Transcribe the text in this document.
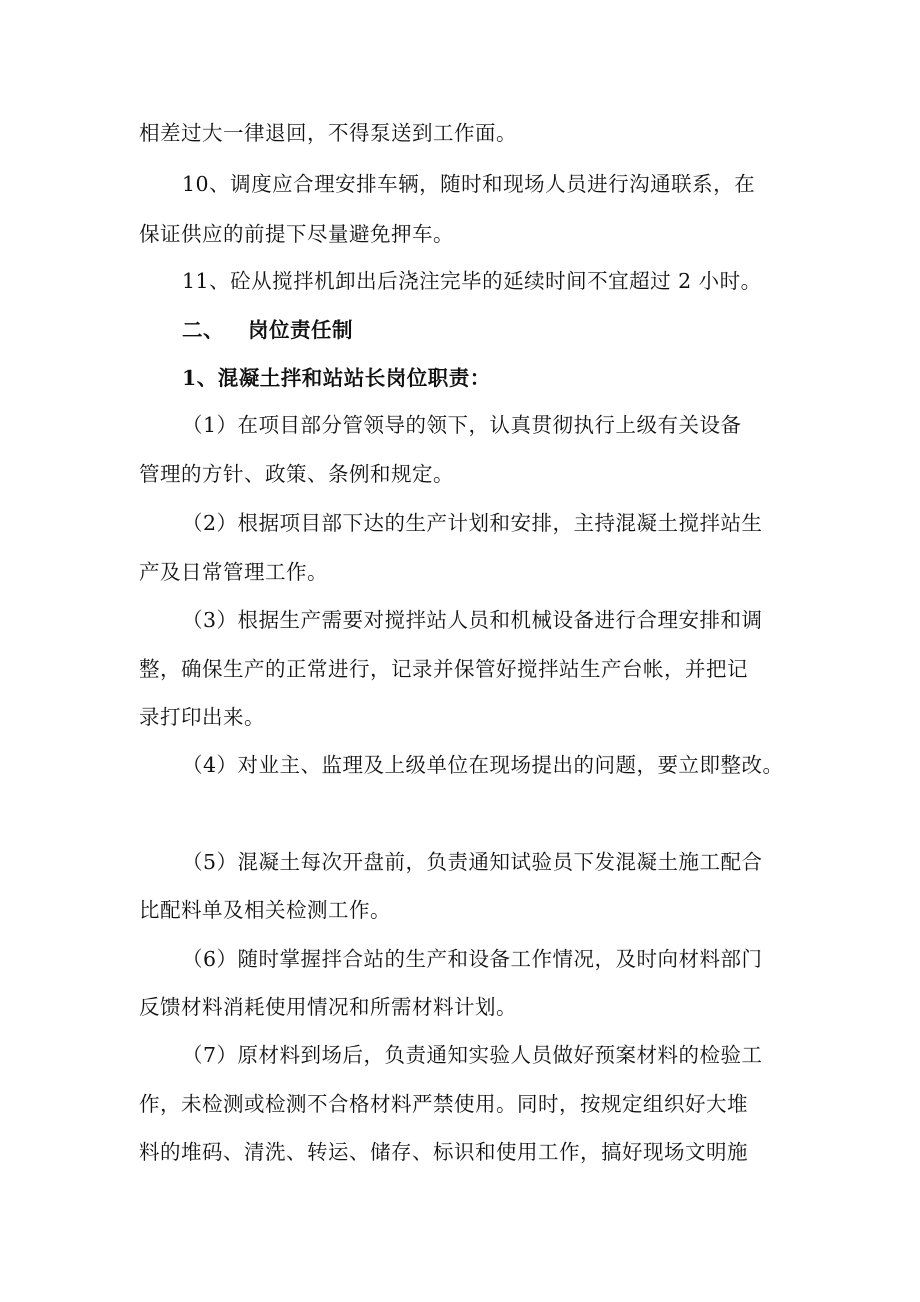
相差过大一律退回，不得泵送到工作面。
10、调度应合理安排车辆，随时和现场人员进行沟通联系，在
保证供应的前提下尽量避免押车。
11、砼从搅拌机卸出后浇注完毕的延续时间不宜超过 2 小时。
二、 岗位责任制
1、混凝土拌和站站长岗位职责：
（1）在项目部分管领导的领下，认真贯彻执行上级有关设备
管理的方针、政策、条例和规定。
（2）根据项目部下达的生产计划和安排，主持混凝土搅拌站生
产及日常管理工作。
（3）根据生产需要对搅拌站人员和机械设备进行合理安排和调
整，确保生产的正常进行，记录并保管好搅拌站生产台帐，并把记
录打印出来。
（4）对业主、监理及上级单位在现场提出的问题，要立即整改。
（5）混凝土每次开盘前，负责通知试验员下发混凝土施工配合
比配料单及相关检测工作。
（6）随时掌握拌合站的生产和设备工作情况，及时向材料部门
反馈材料消耗使用情况和所需材料计划。
（7）原材料到场后，负责通知实验人员做好预案材料的检验工
作，未检测或检测不合格材料严禁使用。同时，按规定组织好大堆
料的堆码、清洗、转运、储存、标识和使用工作，搞好现场文明施
